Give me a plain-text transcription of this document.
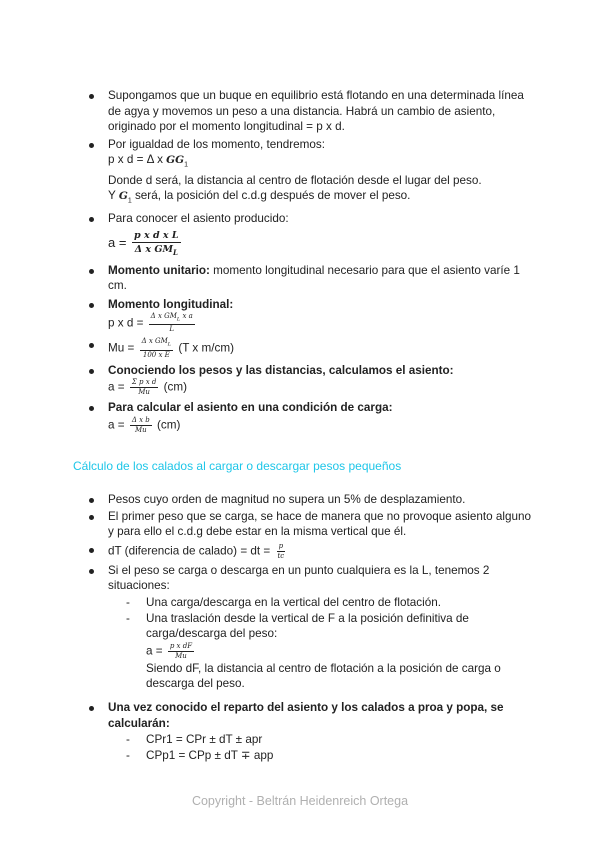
Supongamos que un buque en equilibrio está flotando en una determinada línea de agya y movemos un peso a una distancia. Habrá un cambio de asiento, originado por el momento longitudinal = p x d.

Por igualdad de los momento, tendremos:

p x d = Δ x $GG_1$

Donde d será, la distancia al centro de flotación desde el lugar del peso.

Y $G_1$ será, la posición del c.d.g después de mover el peso.

Para conocer el asiento producido:

$a = \frac{\text{p x d x L}}{\Delta x GM_L}$

Momento unitario: momento longitudinal necesario para que el asiento varíe 1 cm.

Momento longitudinal:

p x $d = \frac{\Delta x GM_L x a}{L}$

$Mu = \frac{\Delta x GM_L}{\text{100 x E}} (T$ x m/cm)

Conociendo los pesos y las distancias, calculamos el asiento:

$a = \frac{\text{Σ p x d}}{Mu} (cm)$

Para calcular el asiento en una condición de carga:

$a = \frac{\text{Δ x b}}{Mu} (cm)$

Cálculo de los calados al cargar o descargar pesos pequeños

Pesos cuyo orden de magnitud no supera un 5% de desplazamiento.

El primer peso que se carga, se hace de manera que no provoque asiento alguno y para ello el c.d.g debe estar en la misma vertical que él.

dT (diferencia de calado) = dt = $\frac{p}{tc}$

Si el peso se carga o descarga en un punto cualquiera es la L, tenemos 2 situaciones:

- Una carga/descarga en la vertical del centro de flotación.

- Una traslación desde la vertical de F a la posición definitiva de carga/descarga del peso:

$a = \frac{\text{p x dF}}{Mu}$

Siendo dF, la distancia al centro de flotación a la posición de carga o descarga del peso.

Una vez conocido el reparto del asiento y los calados a proa y popa, se calcularán:

- CPr1 = CPr ± dT ± apr

- CPp1 = CPp ± dT ∓ app

Copyright - Beltrán Heidenreich Ortega
